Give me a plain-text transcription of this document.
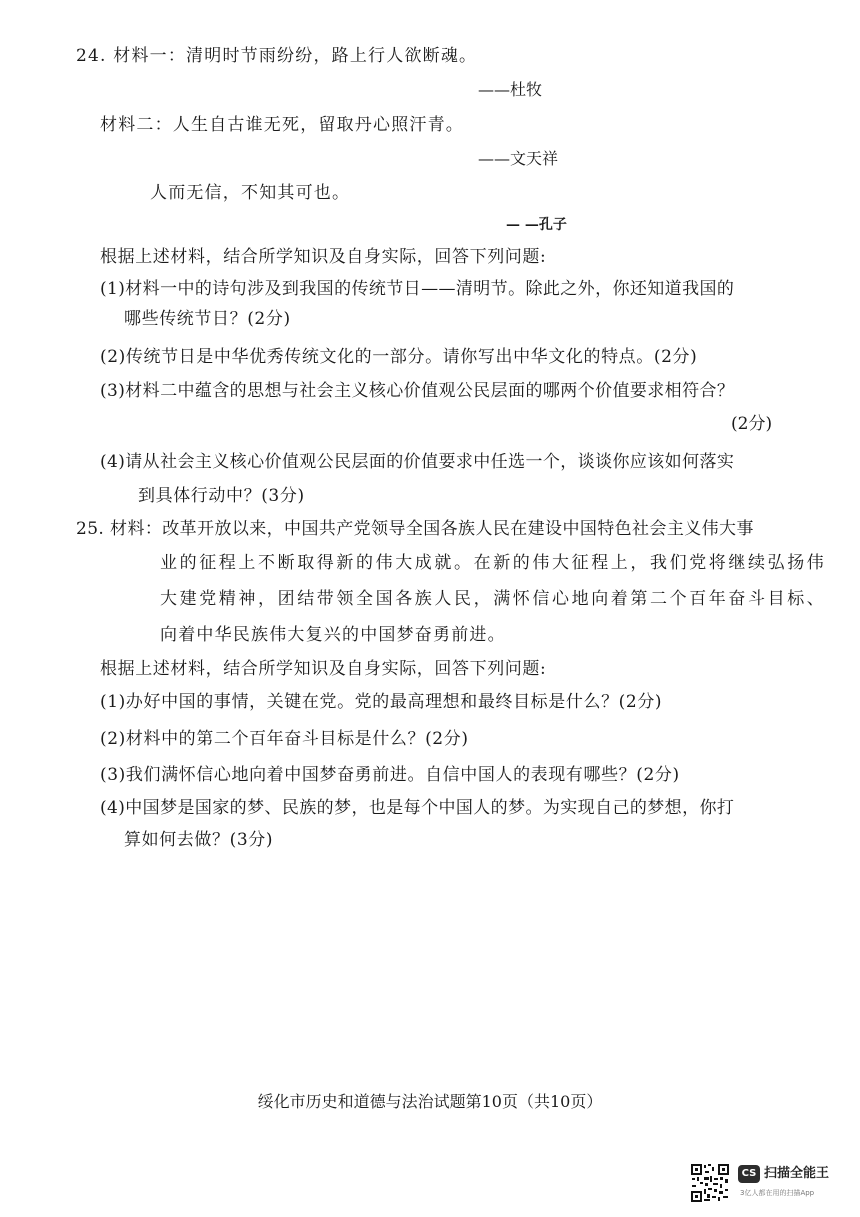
24. 材料一：清明时节雨纷纷，路上行人欲断魂。
——杜牧
材料二：人生自古谁无死，留取丹心照汗青。
——文天祥
人而无信，不知其可也。
— —孔子
根据上述材料，结合所学知识及自身实际，回答下列问题:
(1)材料一中的诗句涉及到我国的传统节日——清明节。除此之外，你还知道我国的
哪些传统节日？(2分)
(2)传统节日是中华优秀传统文化的一部分。请你写出中华文化的特点。(2分)
(3)材料二中蕴含的思想与社会主义核心价值观公民层面的哪两个价值要求相符合？
(2分)
(4)请从社会主义核心价值观公民层面的价值要求中任选一个，谈谈你应该如何落实
到具体行动中？(3分)
25. 材料：改革开放以来，中国共产党领导全国各族人民在建设中国特色社会主义伟大事
业的征程上不断取得新的伟大成就。在新的伟大征程上，我们党将继续弘扬伟
大建党精神，团结带领全国各族人民，满怀信心地向着第二个百年奋斗目标、
向着中华民族伟大复兴的中国梦奋勇前进。
根据上述材料，结合所学知识及自身实际，回答下列问题:
(1)办好中国的事情，关键在党。党的最高理想和最终目标是什么？(2分)
(2)材料中的第二个百年奋斗目标是什么？(2分)
(3)我们满怀信心地向着中国梦奋勇前进。自信中国人的表现有哪些？(2分)
(4)中国梦是国家的梦、民族的梦，也是每个中国人的梦。为实现自己的梦想，你打
算如何去做？(3分)
绥化市历史和道德与法治试题第10页（共10页）
CS 扫描全能王
3亿人都在用的扫描App
